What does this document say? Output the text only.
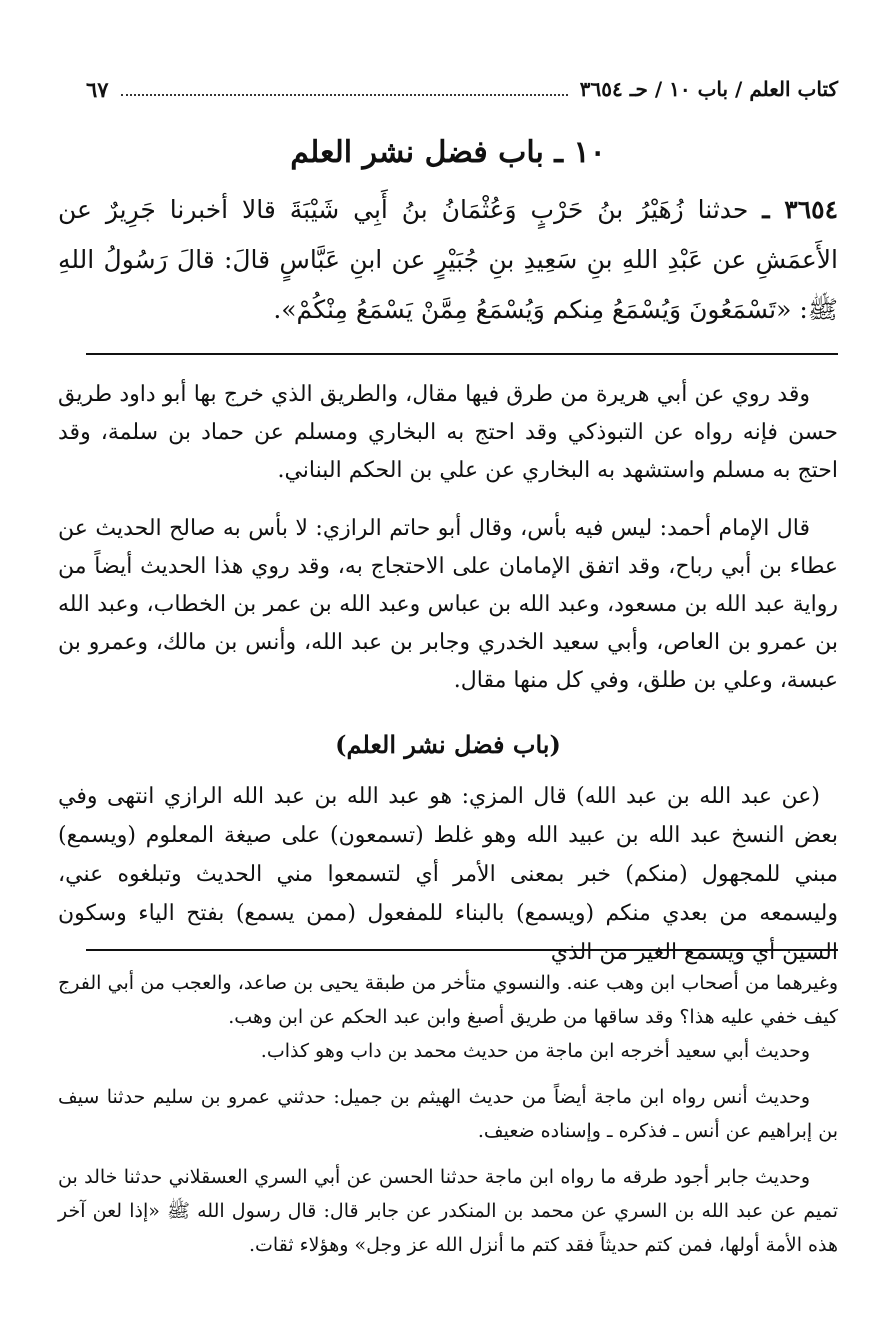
كتاب العلم / باب ١٠ / حـ ٣٦٥٤
٦٧
١٠ ـ باب فضل نشر العلم
٣٦٥٤ ـ حدثنا زُهَيْرُ بنُ حَرْبٍ وَعُثْمَانُ بنُ أَبِي شَيْبَةَ قالا أخبرنا جَرِيرٌ عن الأَعمَشِ عن عَبْدِ اللهِ بنِ سَعِيدِ بنِ جُبَيْرٍ عن ابنِ عَبَّاسٍ قالَ: قالَ رَسُولُ اللهِ ﷺ: «تَسْمَعُونَ وَيُسْمَعُ مِنكم وَيُسْمَعُ مِمَّنْ يَسْمَعُ مِنْكُمْ».

وقد روي عن أبي هريرة من طرق فيها مقال، والطريق الذي خرج بها أبو داود طريق حسن فإنه رواه عن التبوذكي وقد احتج به البخاري ومسلم عن حماد بن سلمة، وقد احتج به مسلم واستشهد به البخاري عن علي بن الحكم البناني.

قال الإمام أحمد: ليس فيه بأس، وقال أبو حاتم الرازي: لا بأس به صالح الحديث عن عطاء بن أبي رباح، وقد اتفق الإمامان على الاحتجاج به، وقد روي هذا الحديث أيضاً من رواية عبد الله بن مسعود، وعبد الله بن عباس وعبد الله بن عمر بن الخطاب، وعبد الله بن عمرو بن العاص، وأبي سعيد الخدري وجابر بن عبد الله، وأنس بن مالك، وعمرو بن عبسة، وعلي بن طلق، وفي كل منها مقال.

(باب فضل نشر العلم)

(عن عبد الله بن عبد الله) قال المزي: هو عبد الله بن عبد الله الرازي انتهى وفي بعض النسخ عبد الله بن عبيد الله وهو غلط (تسمعون) على صيغة المعلوم (ويسمع) مبني للمجهول (منكم) خبر بمعنى الأمر أي لتسمعوا مني الحديث وتبلغوه عني، وليسمعه من بعدي منكم (ويسمع) بالبناء للمفعول (ممن يسمع) بفتح الياء وسكون السين أي ويسمع الغير من الذي

وغيرهما من أصحاب ابن وهب عنه. والنسوي متأخر من طبقة يحيى بن صاعد، والعجب من أبي الفرج كيف خفي عليه هذا؟ وقد ساقها من طريق أصبغ وابن عبد الحكم عن ابن وهب.

وحديث أبي سعيد أخرجه ابن ماجة من حديث محمد بن داب وهو كذاب.

وحديث أنس رواه ابن ماجة أيضاً من حديث الهيثم بن جميل: حدثني عمرو بن سليم حدثنا سيف بن إبراهيم عن أنس ـ فذكره ـ وإسناده ضعيف.

وحديث جابر أجود طرقه ما رواه ابن ماجة حدثنا الحسن عن أبي السري العسقلاني حدثنا خالد بن تميم عن عبد الله بن السري عن محمد بن المنكدر عن جابر قال: قال رسول الله ﷺ «إذا لعن آخر هذه الأمة أولها، فمن كتم حديثاً فقد كتم ما أنزل الله عز وجل» وهؤلاء ثقات.
